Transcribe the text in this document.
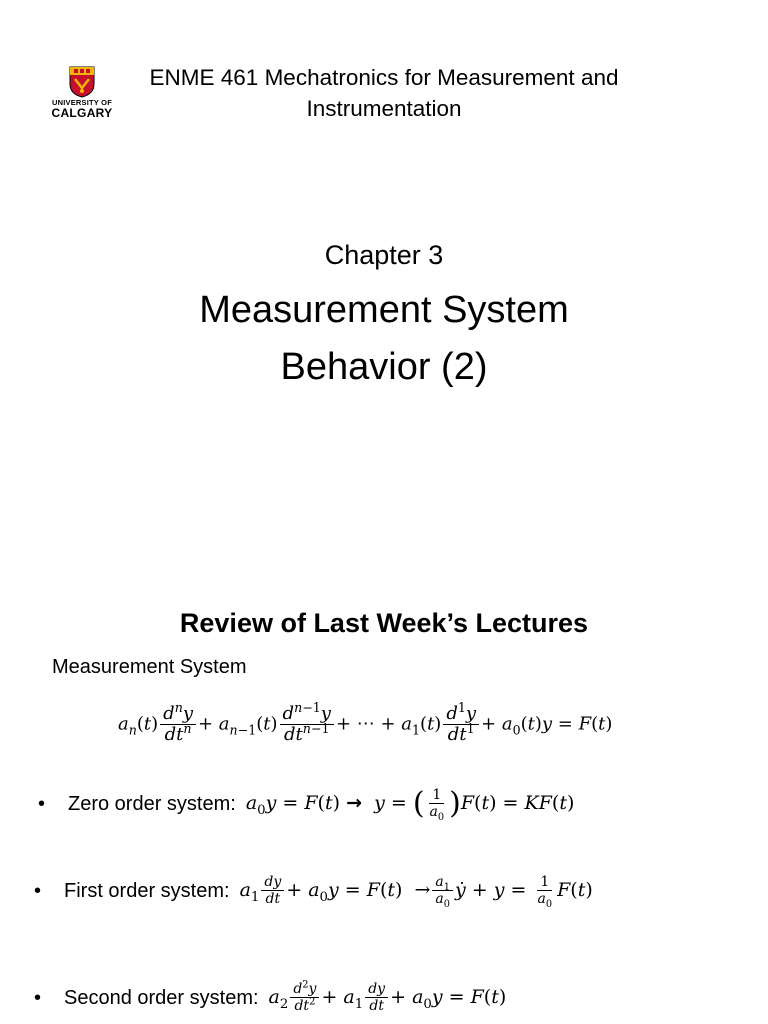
UNIVERSITY OF
CALGARY
ENME 461 Mechatronics for Measurement and Instrumentation
Chapter 3
Measurement System
Behavior (2)
Review of Last Week’s Lectures
Measurement System
$a_n(t) \frac{d^ny}{dt^n} + a_{n-1}(t) \frac{d^{n-1}y}{dt^{n-1}}$ + ⋯ + $a_1(t) \frac{d^1y}{dt^1} + a_0(t)y = F(t)$
•	Zero order system: $a_0y = F(t) \to y$ = ( $\frac{1}{a_0} )F(t) = KF(t)$
•	First order system: $a_1 \frac{dy}{dt} + a_0y = F(t) \to \frac{a_1}{a_0}$ ẏ + $y = \frac{1}{a_0} F(t)$
•	Second order system: $a_2 \frac{d^2y}{dt^2} + a_1 \frac{dy}{dt} + a_0y = F(t)$
